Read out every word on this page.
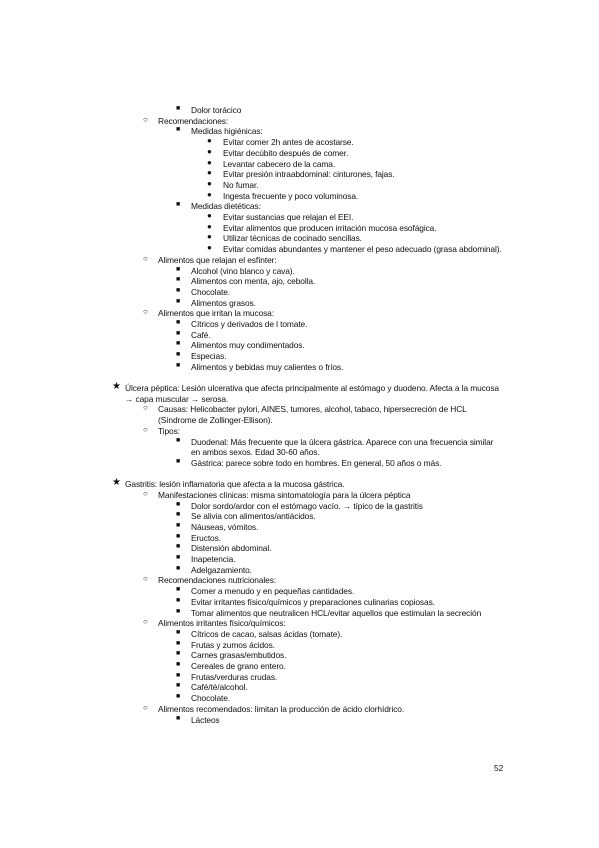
■ Dolor torácico
○ Recomendaciones:
■ Medidas higiénicas:
● Evitar comer 2h antes de acostarse.
● Evitar decúbito después de comer.
● Levantar cabecero de la cama.
● Evitar presión intraabdominal: cinturones, fajas.
● No fumar.
● Ingesta frecuente y poco voluminosa.
■ Medidas dietéticas:
● Evitar sustancias que relajan el EEI.
● Evitar alimentos que producen irritación mucosa esofágica.
● Utilizar técnicas de cocinado sencillas.
● Evitar comidas abundantes y mantener el peso adecuado (grasa abdominal).
○ Alimentos que relajan el esfínter:
■ Alcohol (vino blanco y cava).
■ Alimentos con menta, ajo, cebolla.
■ Chocolate.
■ Alimentos grasos.
○ Alimentos que irritan la mucosa:
■ Cítricos y derivados de l tomate.
■ Café.
■ Alimentos muy condimentados.
■ Especias.
■ Alimentos y bebidas muy calientes o fríos.
★ Úlcera péptica: Lesión ulcerativa que afecta principalmente al estómago y duodeno. Afecta a la mucosa
→ capa muscular → serosa.
○ Causas: Helicobacter pylori, AINES, tumores, alcohol, tabaco, hipersecreción de HCL
(Síndrome de Zollinger-Ellison).
○ Tipos:
■ Duodenal: Más frecuente que la úlcera gástrica. Aparece con una frecuencia similar
en ambos sexos. Edad 30-60 años.
■ Gástrica: parece sobre todo en hombres. En general, 50 años o más.
★ Gastritis: lesión inflamatoria que afecta a la mucosa gástrica.
○ Manifestaciones clínicas: misma sintomatología para la úlcera péptica
■ Dolor sordo/ardor con el estómago vacío. → típico de la gastritis
■ Se alivia con alimentos/antiácidos.
■ Náuseas, vómitos.
■ Eructos.
■ Distensión abdominal.
■ Inapetencia.
■ Adelgazamiento.
○ Recomendaciones nutricionales:
■ Comer a menudo y en pequeñas cantidades.
■ Evitar irritantes físico/químicos y preparaciones culinarias copiosas.
■ Tomar alimentos que neutralicen HCL/evitar aquellos que estimulan la secreción
○ Alimentos irritantes físico/químicos:
■ Cítricos de cacao, salsas ácidas (tomate).
■ Frutas y zumos ácidos.
■ Carnes grasas/embutidos.
■ Cereales de grano entero.
■ Frutas/verduras crudas.
■ Café/té/alcohol.
■ Chocolate.
○ Alimentos recomendados: limitan la producción de ácido clorhídrico.
■ Lácteos
52
